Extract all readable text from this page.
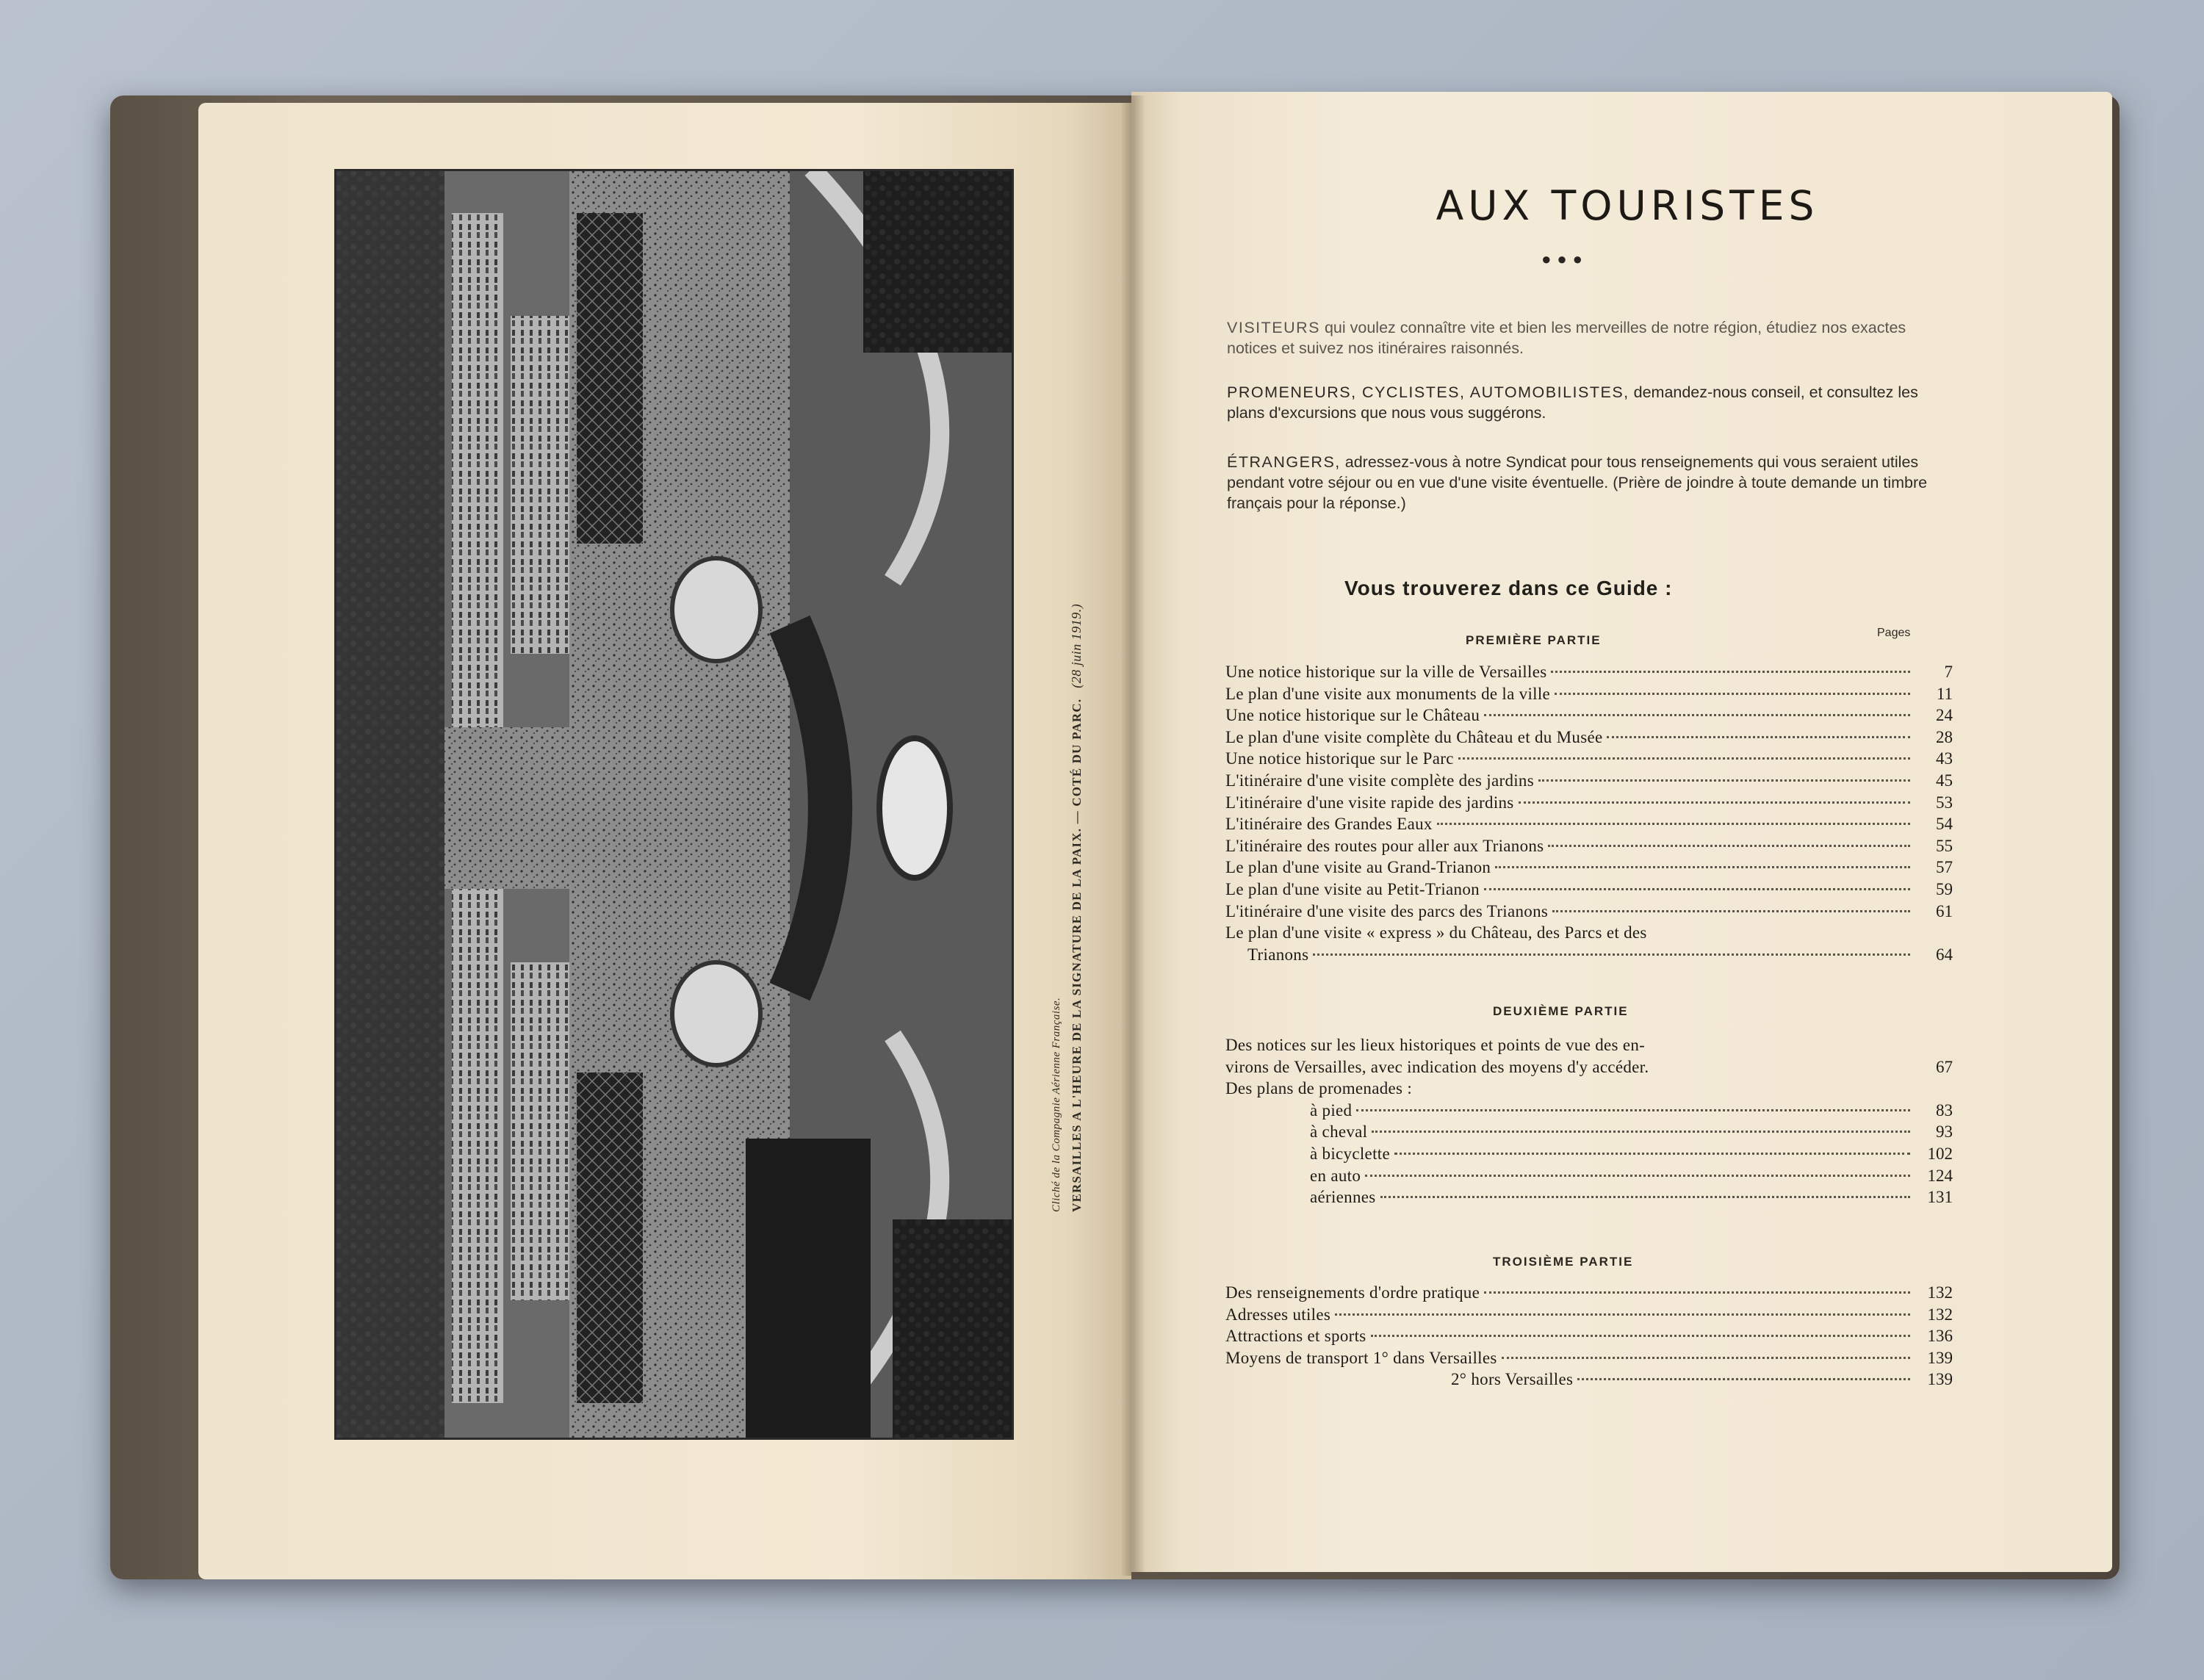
Cliché de la Compagnie Aérienne Française. VERSAILLES A L'HEURE DE LA SIGNATURE DE LA PAIX. — COTÉ DU PARC.(28 juin 1919.)
AUX TOURISTES
●●●
VISITEURS qui voulez connaître vite et bien les merveilles de notre région, étudiez nos exactes notices et suivez nos itinéraires raisonnés.
PROMENEURS, CYCLISTES, AUTOMOBILISTES, demandez-nous conseil, et consultez les plans d'excursions que nous vous suggérons.
ÉTRANGERS, adressez-vous à notre Syndicat pour tous renseignements qui vous seraient utiles pendant votre séjour ou en vue d'une visite éventuelle. (Prière de joindre à toute demande un timbre français pour la réponse.)
Vous trouverez dans ce Guide :
PREMIÈRE PARTIE
Pages
Une notice historique sur la ville de Versailles	7
Le plan d'une visite aux monuments de la ville	11
Une notice historique sur le Château	24
Le plan d'une visite complète du Château et du Musée	28
Une notice historique sur le Parc	43
L'itinéraire d'une visite complète des jardins	45
L'itinéraire d'une visite rapide des jardins	53
L'itinéraire des Grandes Eaux	54
L'itinéraire des routes pour aller aux Trianons	55
Le plan d'une visite au Grand-Trianon	57
Le plan d'une visite au Petit-Trianon	59
L'itinéraire d'une visite des parcs des Trianons	61
Le plan d'une visite « express » du Château, des Parcs et des
Trianons	64
DEUXIÈME PARTIE
Des notices sur les lieux historiques et points de vue des en-
virons de Versailles, avec indication des moyens d'y accéder.	67
Des plans de promenades :
à pied	83
à cheval	93
à bicyclette	102
en auto	124
aériennes	131
TROISIÈME PARTIE
Des renseignements d'ordre pratique	132
Adresses utiles	132
Attractions et sports	136
Moyens de transport 1° dans Versailles	139
2° hors Versailles	139
